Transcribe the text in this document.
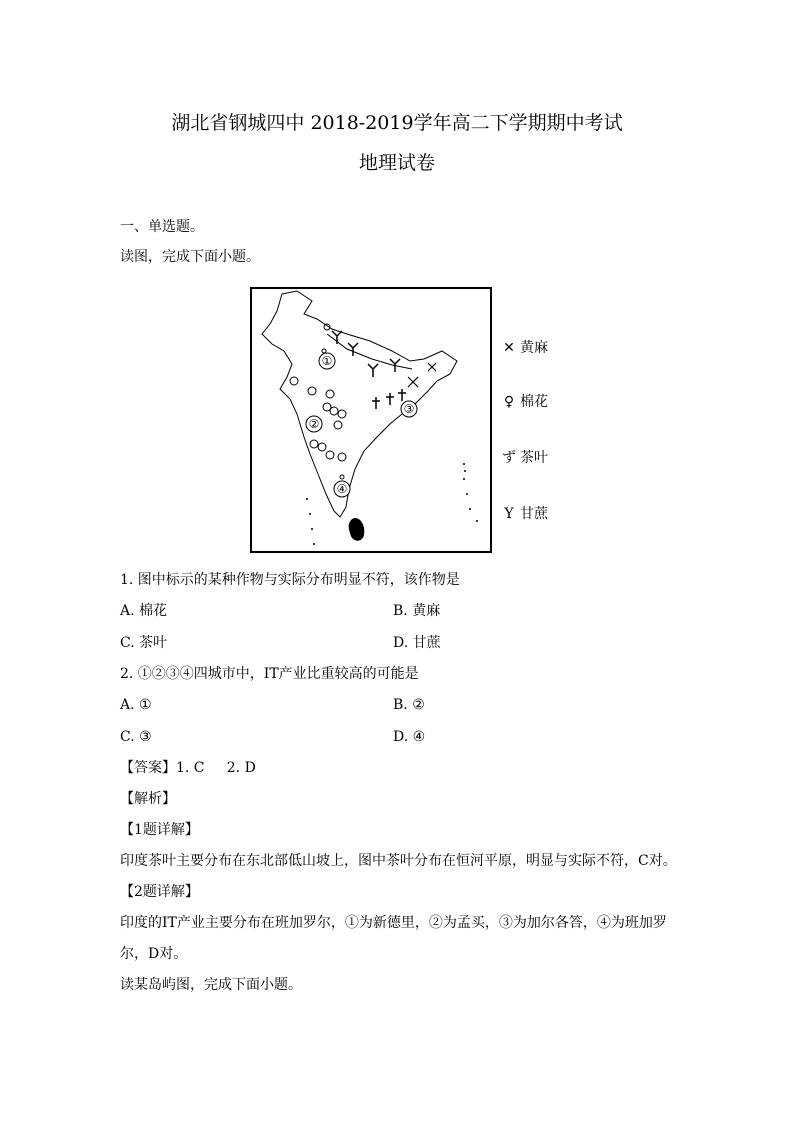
湖北省钢城四中 2018-2019学年高二下学期期中考试
地理试卷
一、单选题。
读图，完成下面小题。
①
②
③
④
✕ 黄麻
♀ 棉花
ず 茶叶
Y 甘蔗
1. 图中标示的某种作物与实际分布明显不符，该作物是
A. 棉花	B. 黄麻
C. 茶叶	D. 甘蔗
2. ①②③④四城市中，IT产业比重较高的可能是
A. ①	B. ②
C. ③	D. ④
【答案】1. C     2. D
【解析】
【1题详解】
印度茶叶主要分布在东北部低山坡上，图中茶叶分布在恒河平原，明显与实际不符，C对。
【2题详解】
印度的IT产业主要分布在班加罗尔，①为新德里，②为孟买，③为加尔各答，④为班加罗
尔，D对。
读某岛屿图，完成下面小题。
